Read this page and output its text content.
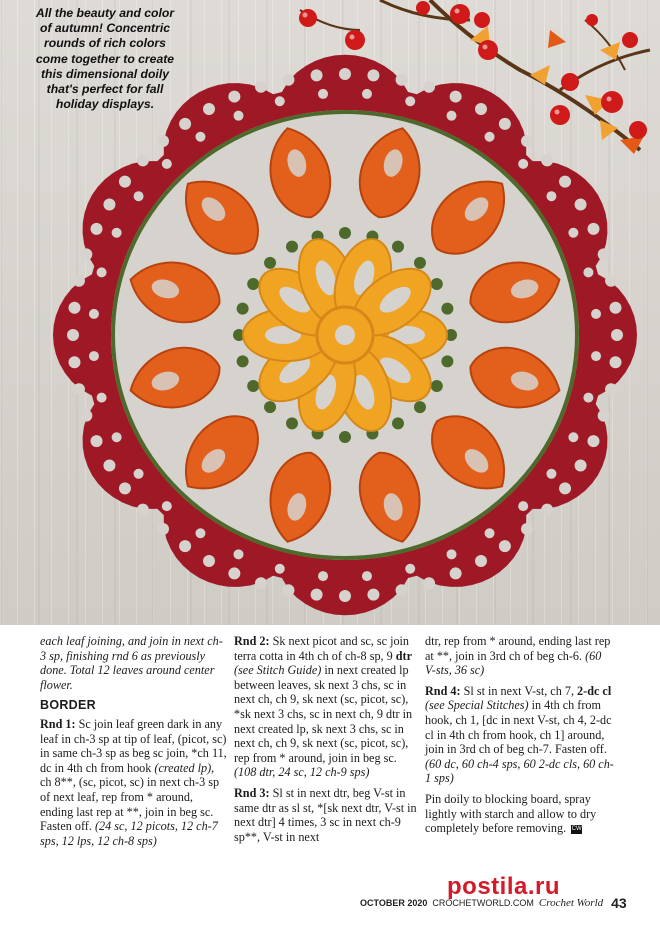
All the beauty and color of autumn! Concentric rounds of rich colors come together to create this dimensional doily that's perfect for fall holiday displays.

each leaf joining, and join in next ch-3 sp, finishing rnd 6 as previously done. Total 12 leaves around center flower.

BORDER

Rnd 1: Sc join leaf green dark in any leaf in ch-3 sp at tip of leaf, (picot, sc) in same ch-3 sp as beg sc join, *ch 11, dc in 4th ch from hook (created lp), ch 8**, (sc, picot, sc) in next ch-3 sp of next leaf, rep from * around, ending last rep at **, join in beg sc. Fasten off. (24 sc, 12 picots, 12 ch-7 sps, 12 lps, 12 ch-8 sps)

Rnd 2: Sk next picot and sc, sc join terra cotta in 4th ch of ch-8 sp, 9 dtr (see Stitch Guide) in next created lp between leaves, sk next 3 chs, sc in next ch, ch 9, sk next (sc, picot, sc), *sk next 3 chs, sc in next ch, 9 dtr in next created lp, sk next 3 chs, sc in next ch, ch 9, sk next (sc, picot, sc), rep from * around, join in beg sc. (108 dtr, 24 sc, 12 ch-9 sps)

Rnd 3: Sl st in next dtr, beg V-st in same dtr as sl st, *[sk next dtr, V-st in next dtr] 4 times, 3 sc in next ch-9 sp**, V-st in next

dtr, rep from * around, ending last rep at **, join in 3rd ch of beg ch-6. (60 V-sts, 36 sc)

Rnd 4: Sl st in next V-st, ch 7, 2-dc cl (see Special Stitches) in 4th ch from hook, ch 1, [dc in next V-st, ch 4, 2-dc cl in 4th ch from hook, ch 1] around, join in 3rd ch of beg ch-7. Fasten off. (60 dc, 60 ch-4 sps, 60 2-dc cls, 60 ch-1 sps)

Pin doily to blocking board, spray lightly with starch and allow to dry completely before removing. CW

postila.ru
OCTOBER 2020 CROCHETWORLD.COM Crochet World 43
